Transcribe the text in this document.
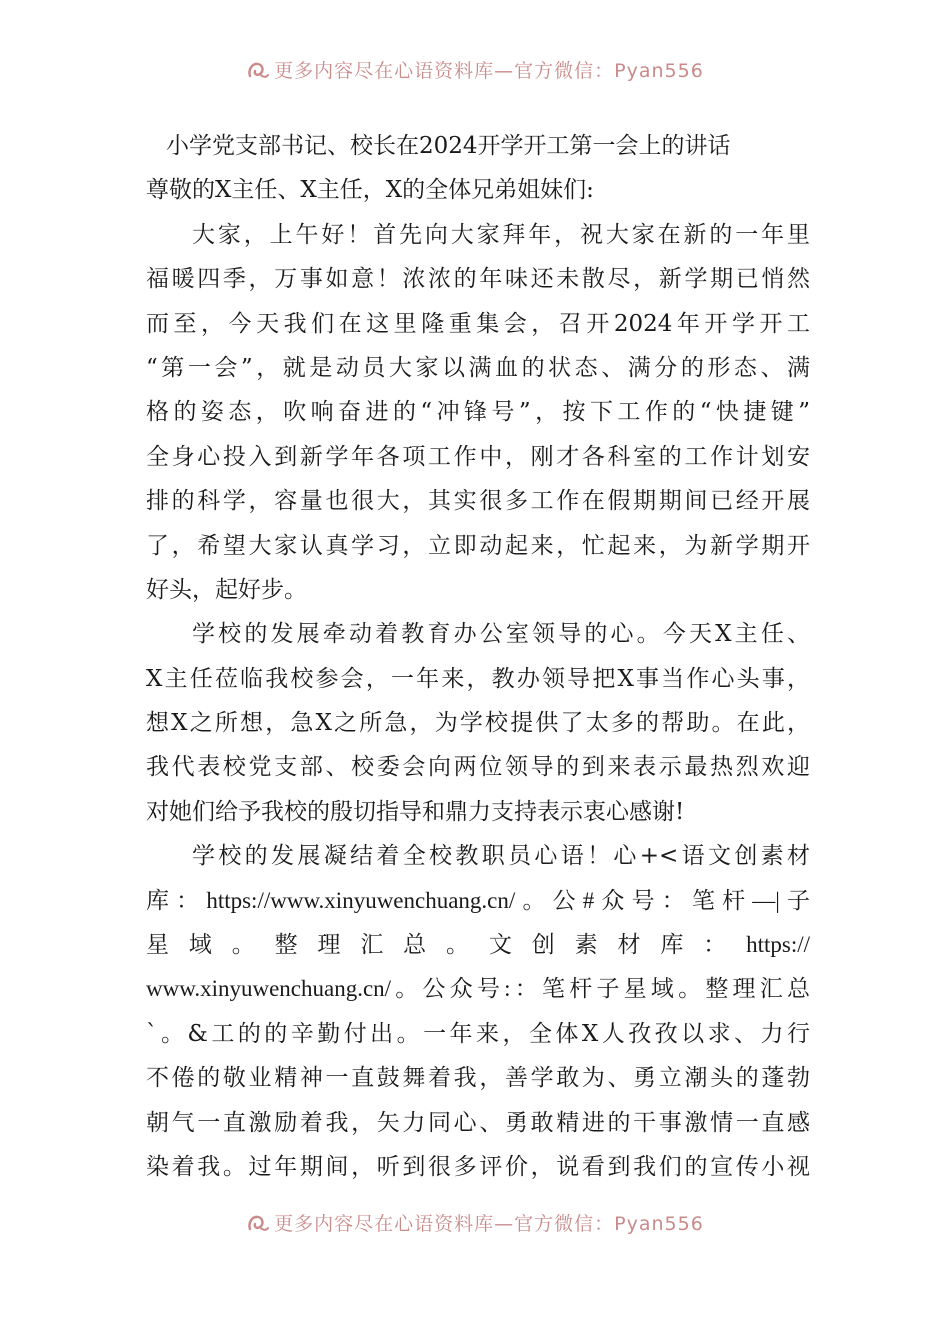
更多内容尽在心语资料库—官方微信：Pyan556
小学党支部书记、校长在2024开学开工第一会上的讲话
尊敬的X主任、X主任，X的全体兄弟姐妹们:
大家，上午好！首先向大家拜年，祝大家在新的一年里
福暖四季，万事如意！浓浓的年味还未散尽，新学期已悄然
而至，今天我们在这里隆重集会，召开2024年开学开工
“第一会”，就是动员大家以满血的状态、满分的形态、满
格的姿态，吹响奋进的“冲锋号”，按下工作的“快捷键”
全身心投入到新学年各项工作中，刚才各科室的工作计划安
排的科学，容量也很大，其实很多工作在假期期间已经开展
了，希望大家认真学习，立即动起来，忙起来，为新学期开
好头，起好步。
学校的发展牵动着教育办公室领导的心。今天X主任、
X主任莅临我校参会，一年来，教办领导把X事当作心头事，
想X之所想，急X之所急，为学校提供了太多的帮助。在此，
我代表校党支部、校委会向两位领导的到来表示最热烈欢迎
对她们给予我校的殷切指导和鼎力支持表示衷心感谢!
学校的发展凝结着全校教职员心语！心+<语文创素材
库：https://www.xinyuwenchuang.cn/。公#众号：笔杆—|子
星域。整理汇总。文创素材库：https://
www.xinyuwenchuang.cn/。公众号:：笔杆子星域。整理汇总
`。&工的的辛勤付出。一年来，全体X人孜孜以求、力行
不倦的敬业精神一直鼓舞着我，善学敢为、勇立潮头的蓬勃
朝气一直激励着我，矢力同心、勇敢精进的干事激情一直感
染着我。过年期间，听到很多评价，说看到我们的宣传小视
更多内容尽在心语资料库—官方微信：Pyan556
